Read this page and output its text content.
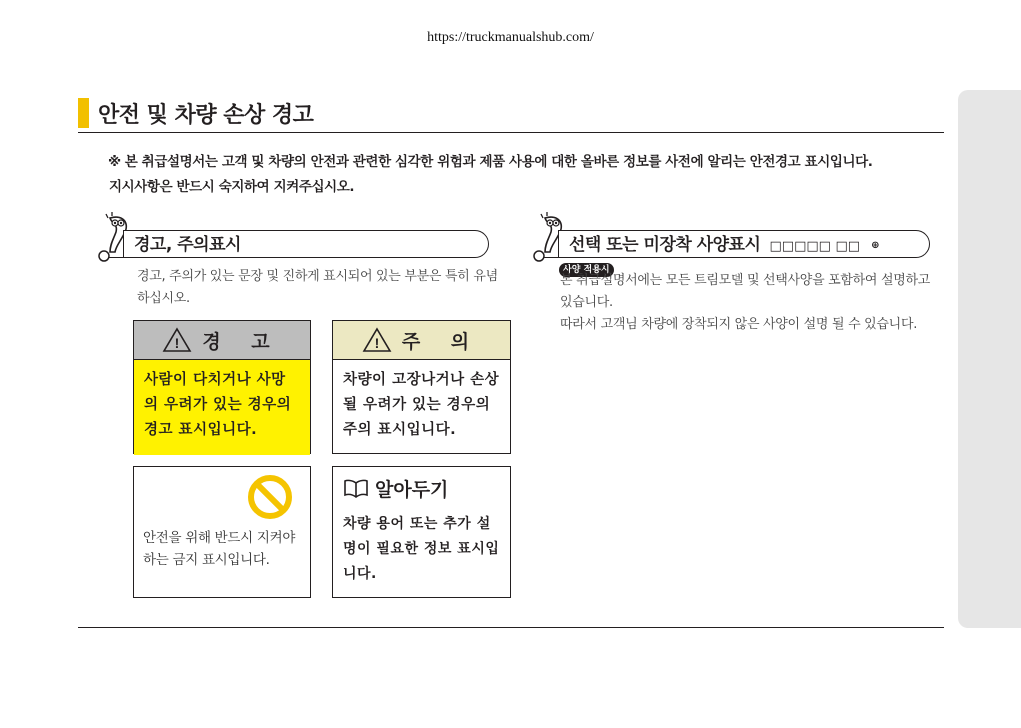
https://truckmanualshub.com/
안전 및 차량 손상 경고
※ 본 취급설명서는 고객 및 차량의 안전과 관련한 심각한 위험과 제품 사용에 대한 올바른 정보를 사전에 알리는 안전경고 표시입니다.
지시사항은 반드시 숙지하여 지켜주십시오.
경고, 주의표시
경고, 주의가 있는 문장 및 진하게 표시되어 있는 부분은 특히 유념하십시오.
! 경 고
사람이 다치거나 사망의 우려가 있는 경우의 경고 표시입니다.
! 주 의
차량이 고장나거나 손상될 우려가 있는 경우의 주의 표시입니다.
안전을 위해 반드시 지켜야 하는 금지 표시입니다.
알아두기
차량 용어 또는 추가 설명이 필요한 정보 표시입니다.
선택 또는 미장착 사양표시 □□□□□ □□ ⊕사양 적용시
본 취급설명서에는 모든 트림모델 및 선택사양을 포함하여 설명하고 있습니다.
따라서 고객님 차량에 장착되지 않은 사양이 설명 될 수 있습니다.
